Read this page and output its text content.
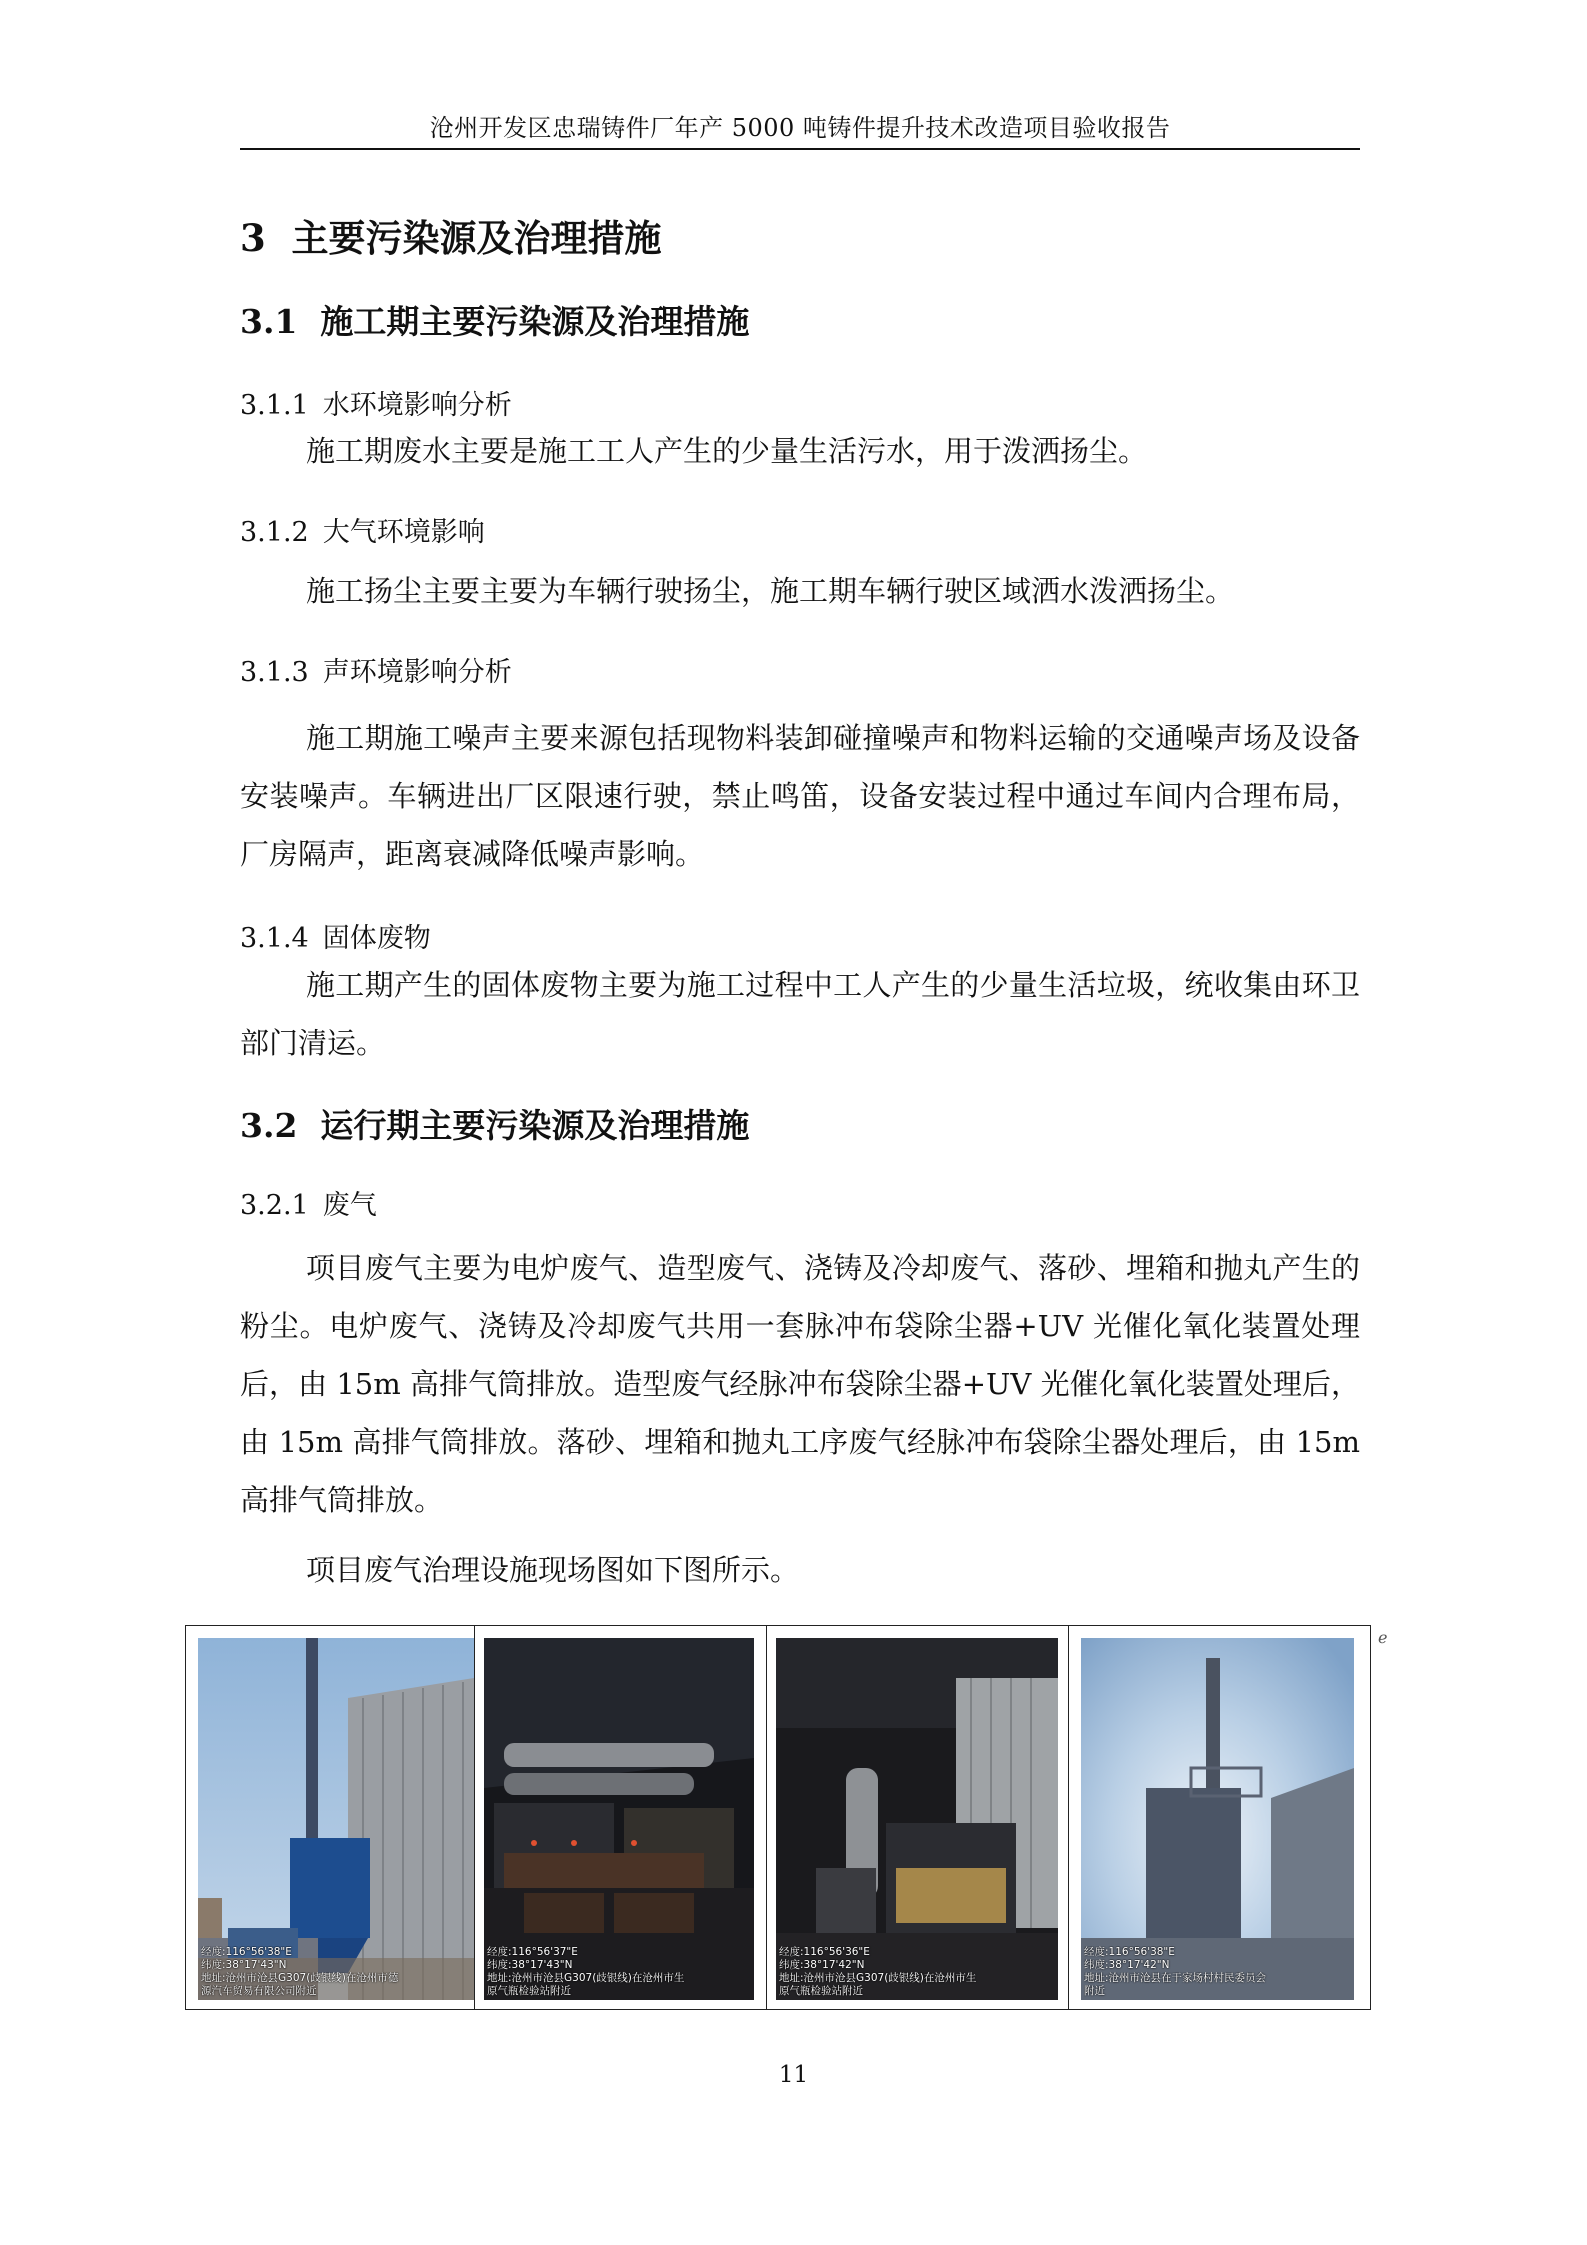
沧州开发区忠瑞铸件厂年产 5000 吨铸件提升技术改造项目验收报告
3 主要污染源及治理措施
3.1 施工期主要污染源及治理措施
3.1.1 水环境影响分析
施工期废水主要是施工工人产生的少量生活污水，用于泼洒扬尘。
3.1.2 大气环境影响
施工扬尘主要主要为车辆行驶扬尘，施工期车辆行驶区域洒水泼洒扬尘。
3.1.3 声环境影响分析
施工期施工噪声主要来源包括现物料装卸碰撞噪声和物料运输的交通噪声场及设备安装噪声。车辆进出厂区限速行驶，禁止鸣笛，设备安装过程中通过车间内合理布局，厂房隔声，距离衰减降低噪声影响。
3.1.4 固体废物
施工期产生的固体废物主要为施工过程中工人产生的少量生活垃圾，统收集由环卫部门清运。
3.2 运行期主要污染源及治理措施
3.2.1 废气
项目废气主要为电炉废气、造型废气、浇铸及冷却废气、落砂、埋箱和抛丸产生的粉尘。电炉废气、浇铸及冷却废气共用一套脉冲布袋除尘器+UV 光催化氧化装置处理后，由 15m 高排气筒排放。造型废气经脉冲布袋除尘器+UV 光催化氧化装置处理后，由 15m 高排气筒排放。落砂、埋箱和抛丸工序废气经脉冲布袋除尘器处理后，由 15m 高排气筒排放。
项目废气治理设施现场图如下图所示。
经度:116°56'38"E
纬度:38°17'43"N
地址:沧州市沧县G307(歧银线)在沧州市德
源汽车贸易有限公司附近
经度:116°56'37"E
纬度:38°17'43"N
地址:沧州市沧县G307(歧银线)在沧州市生
原气瓶检验站附近
经度:116°56'36"E
纬度:38°17'42"N
地址:沧州市沧县G307(歧银线)在沧州市生
原气瓶检验站附近
经度:116°56'38"E
纬度:38°17'42"N
地址:沧州市沧县在于家场村村民委员会
附近
ℯ
11
